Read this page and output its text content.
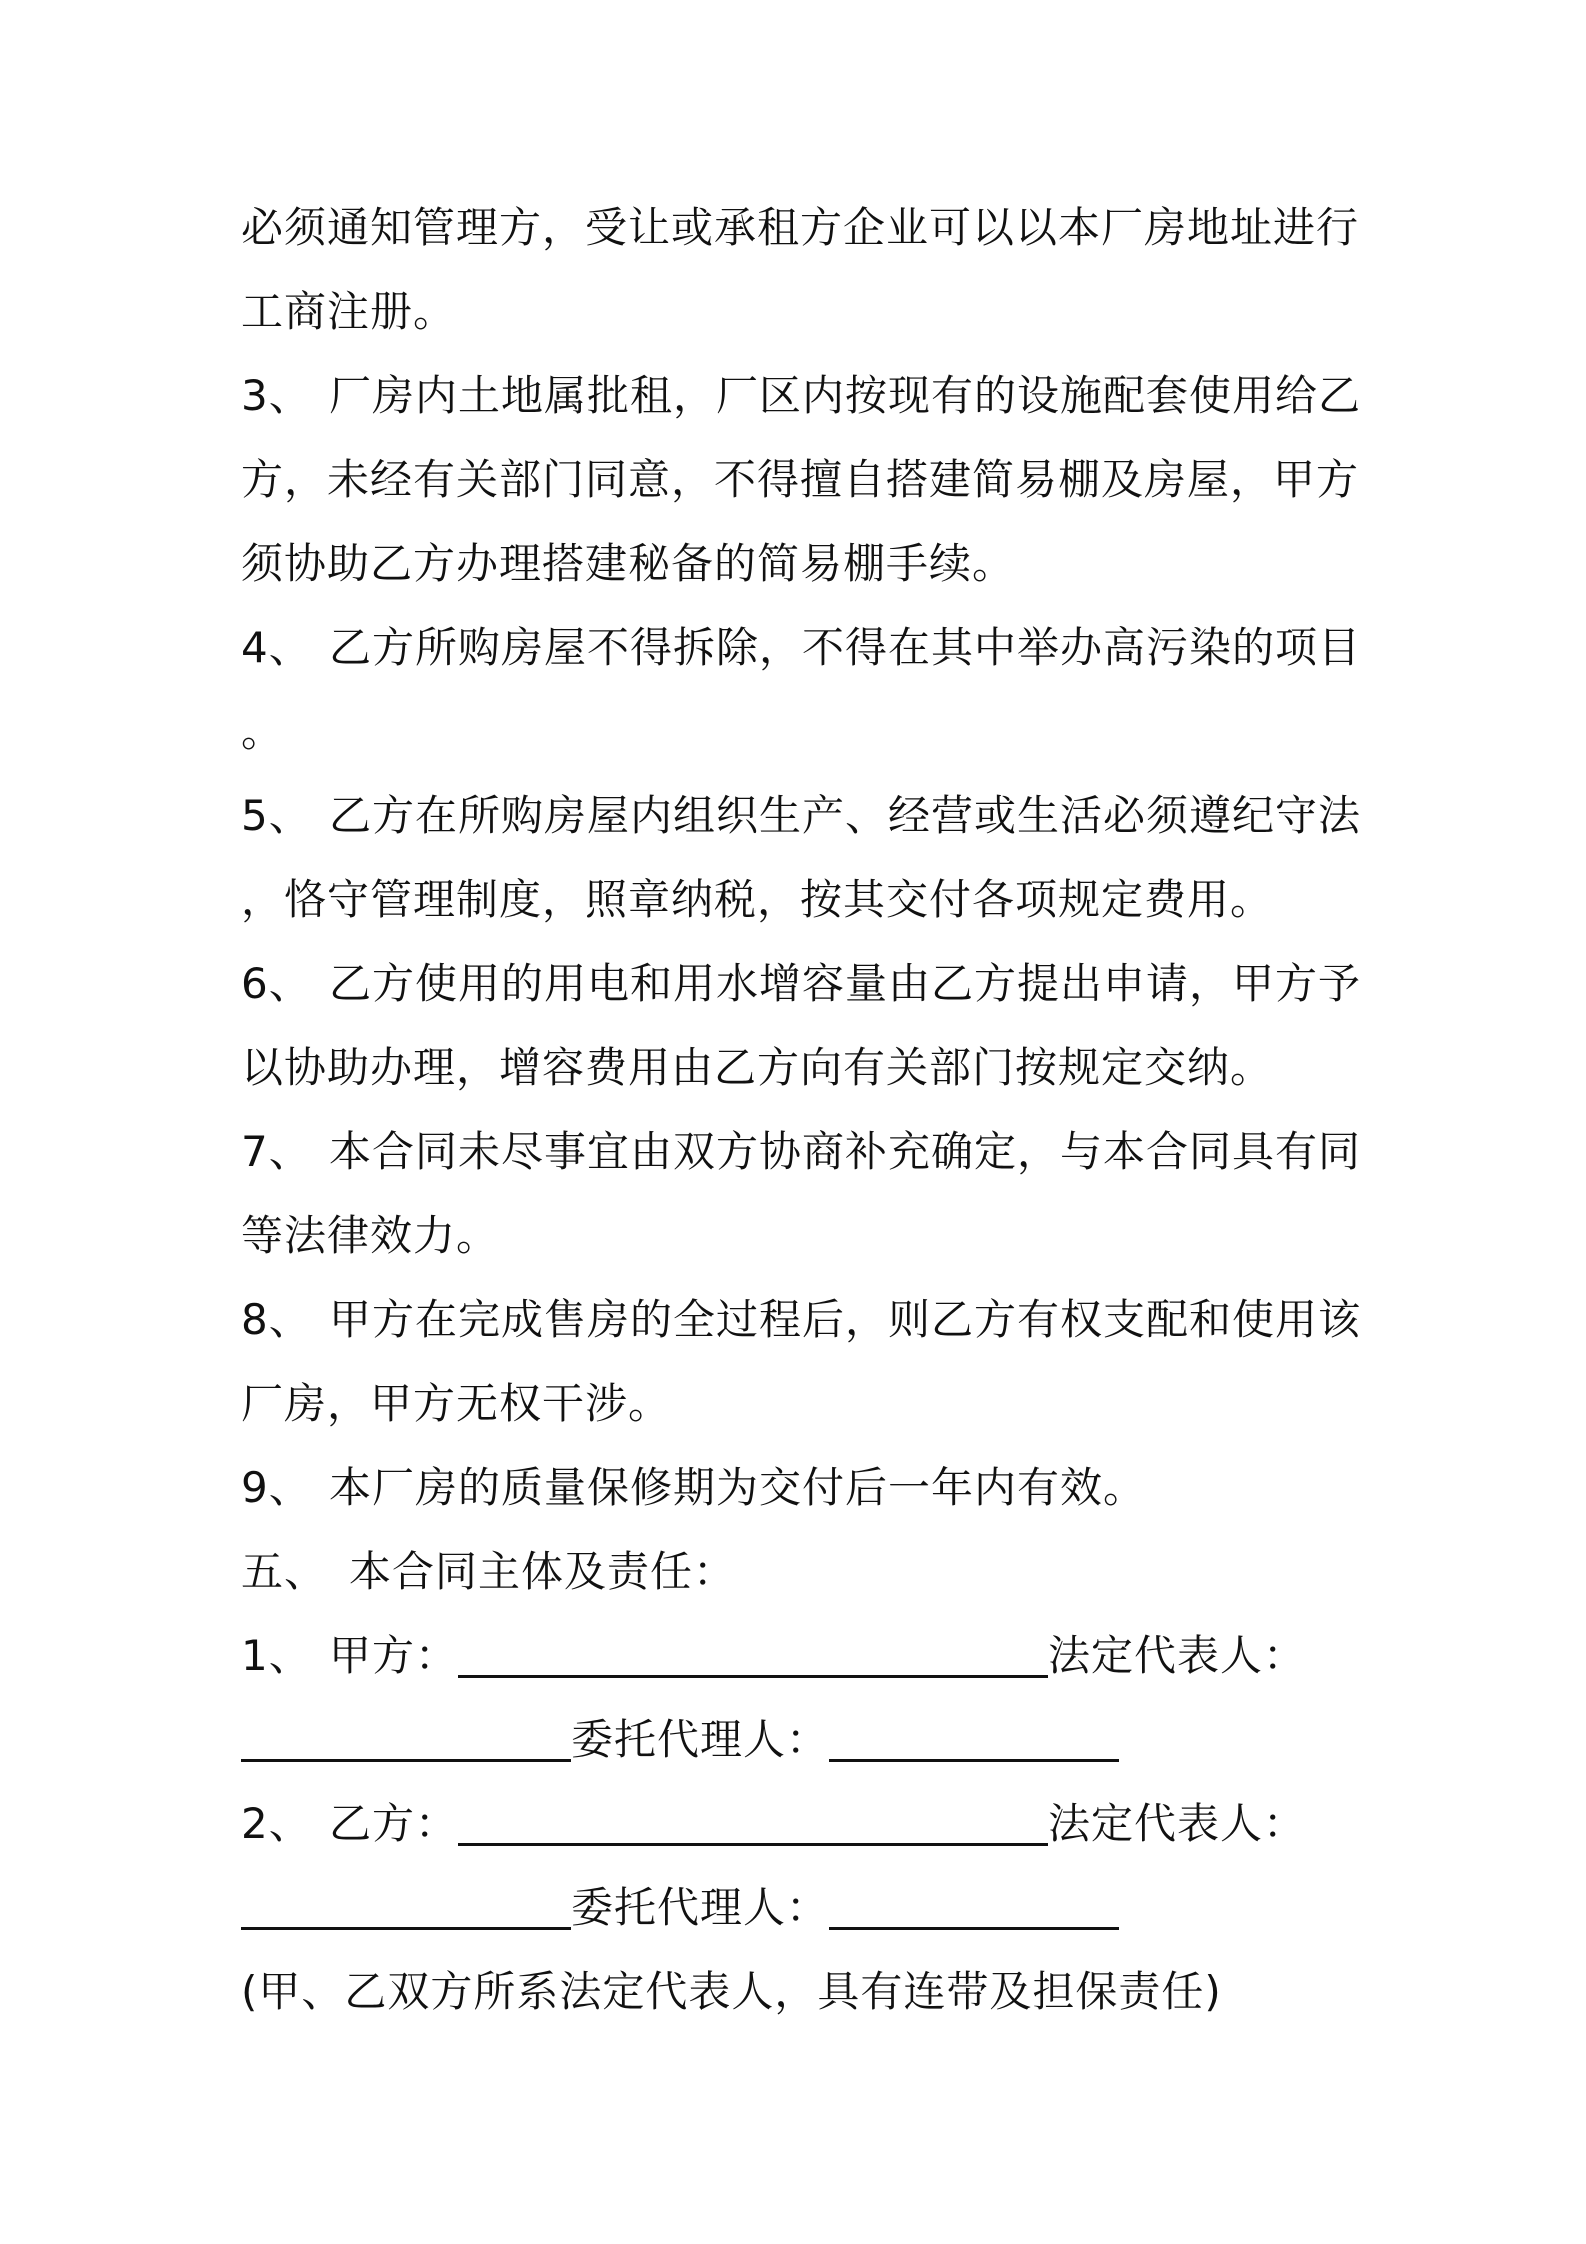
必须通知管理方，受让或承租方企业可以以本厂房地址进行
工商注册。
3、 厂房内土地属批租，厂区内按现有的设施配套使用给乙
方，未经有关部门同意，不得擅自搭建简易棚及房屋，甲方
须协助乙方办理搭建秘备的简易棚手续。
4、 乙方所购房屋不得拆除，不得在其中举办高污染的项目
。
5、 乙方在所购房屋内组织生产、经营或生活必须遵纪守法
，恪守管理制度，照章纳税，按其交付各项规定费用。
6、 乙方使用的用电和用水增容量由乙方提出申请，甲方予
以协助办理，增容费用由乙方向有关部门按规定交纳。
7、 本合同未尽事宜由双方协商补充确定，与本合同具有同
等法律效力。
8、 甲方在完成售房的全过程后，则乙方有权支配和使用该
厂房，甲方无权干涉。
9、 本厂房的质量保修期为交付后一年内有效。
五、 本合同主体及责任：
1、 甲方：	法定代表人：
委托代理人：
2、 乙方：	法定代表人：
委托代理人：
(甲、乙双方所系法定代表人，具有连带及担保责任)
